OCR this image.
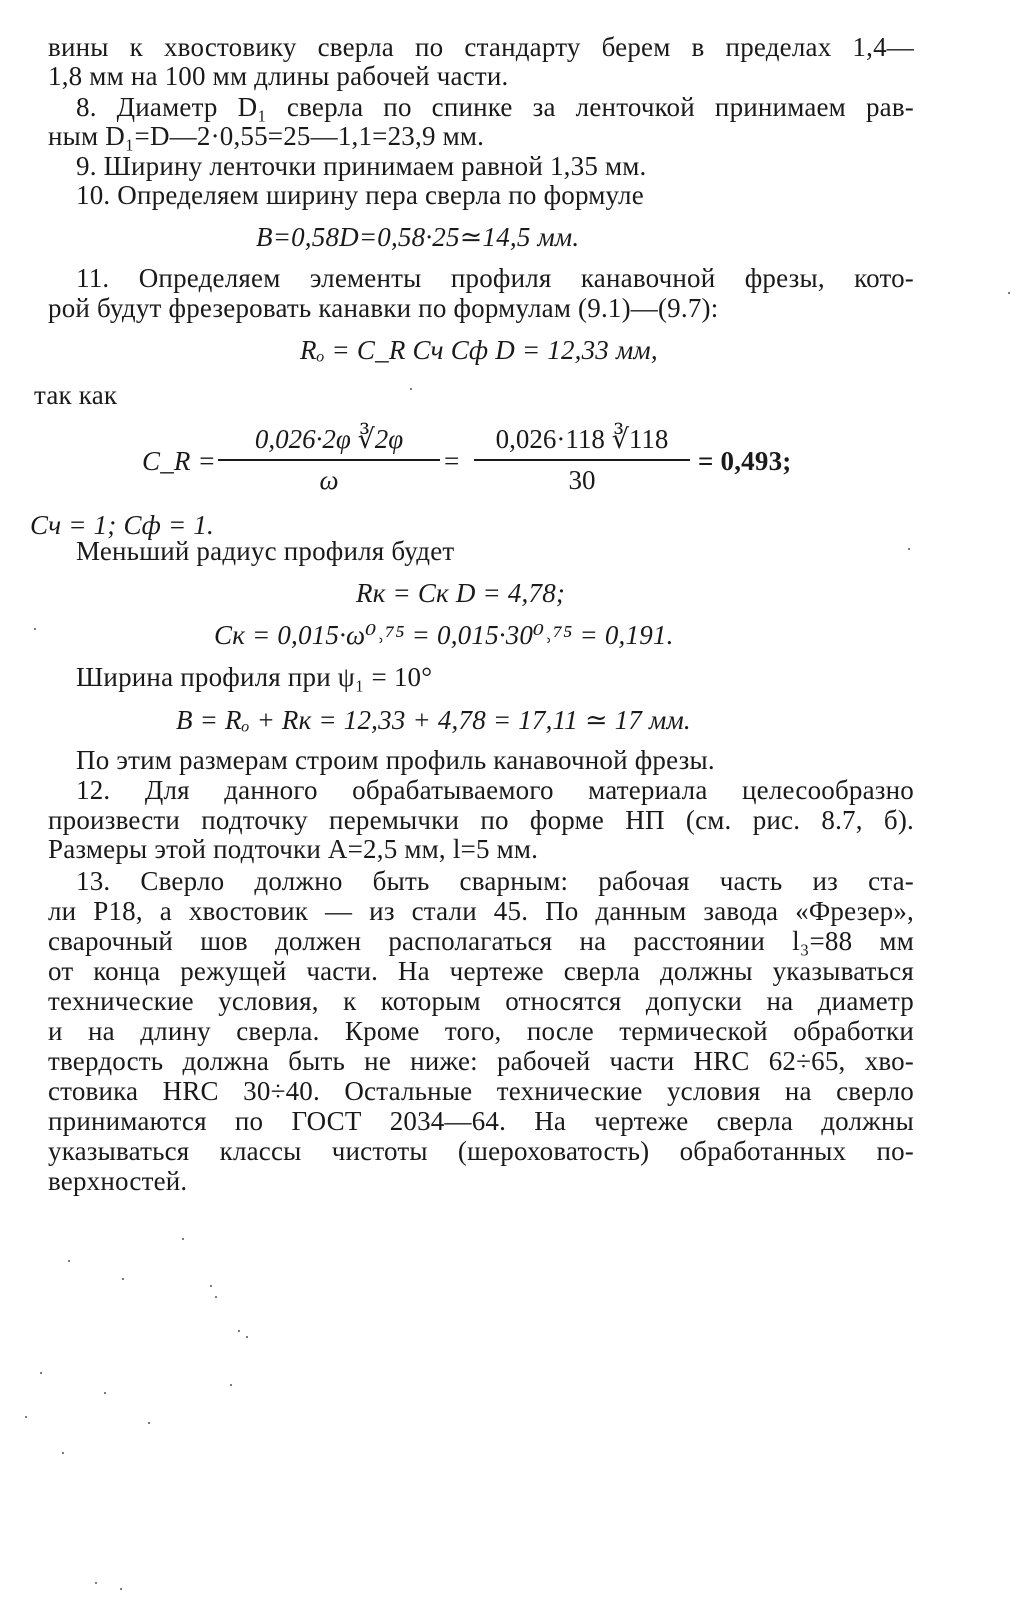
вины к хвостовику сверла по стандарту берем в пределах 1,4—
1,8 мм на 100 мм длины рабочей части.
8. Диаметр D₁ сверла по спинке за ленточкой принимаем рав-
ным D₁=D—2·0,55=25—1,1=23,9 мм.
9. Ширину ленточки принимаем равной 1,35 мм.
10. Определяем ширину пера сверла по формуле
B=0,58D=0,58·25≃14,5 мм.
11. Определяем элементы профиля канавочной фрезы, кото-
рой будут фрезеровать канавки по формулам (9.1)—(9.7):
Rₒ = C_R Cч Cф D = 12,33 мм,
так как
C_R =
0,026·2φ ∛2φ
ω
=
0,026·118 ∛118
30
= 0,493;
Cч = 1; Cф = 1.
Меньший радиус профиля будет
Rк = Cк D = 4,78;
Cк = 0,015·ω⁰˒⁷⁵ = 0,015·30⁰˒⁷⁵ = 0,191.
Ширина профиля при ψ₁ = 10°
B = Rₒ + Rк = 12,33 + 4,78 = 17,11 ≃ 17 мм.
По этим размерам строим профиль канавочной фрезы.
12. Для данного обрабатываемого материала целесообразно
произвести подточку перемычки по форме НП (см. рис. 8.7, б).
Размеры этой подточки A=2,5 мм, l=5 мм.
13. Сверло должно быть сварным: рабочая часть из ста-
ли Р18, а хвостовик — из стали 45. По данным завода «Фрезер»,
сварочный шов должен располагаться на расстоянии l₃=88 мм
от конца режущей части. На чертеже сверла должны указываться
технические условия, к которым относятся допуски на диаметр
и на длину сверла. Кроме того, после термической обработки
твердость должна быть не ниже: рабочей части HRC 62÷65, хво-
стовика HRC 30÷40. Остальные технические условия на сверло
принимаются по ГОСТ 2034—64. На чертеже сверла должны
указываться классы чистоты (шероховатость) обработанных по-
верхностей.
